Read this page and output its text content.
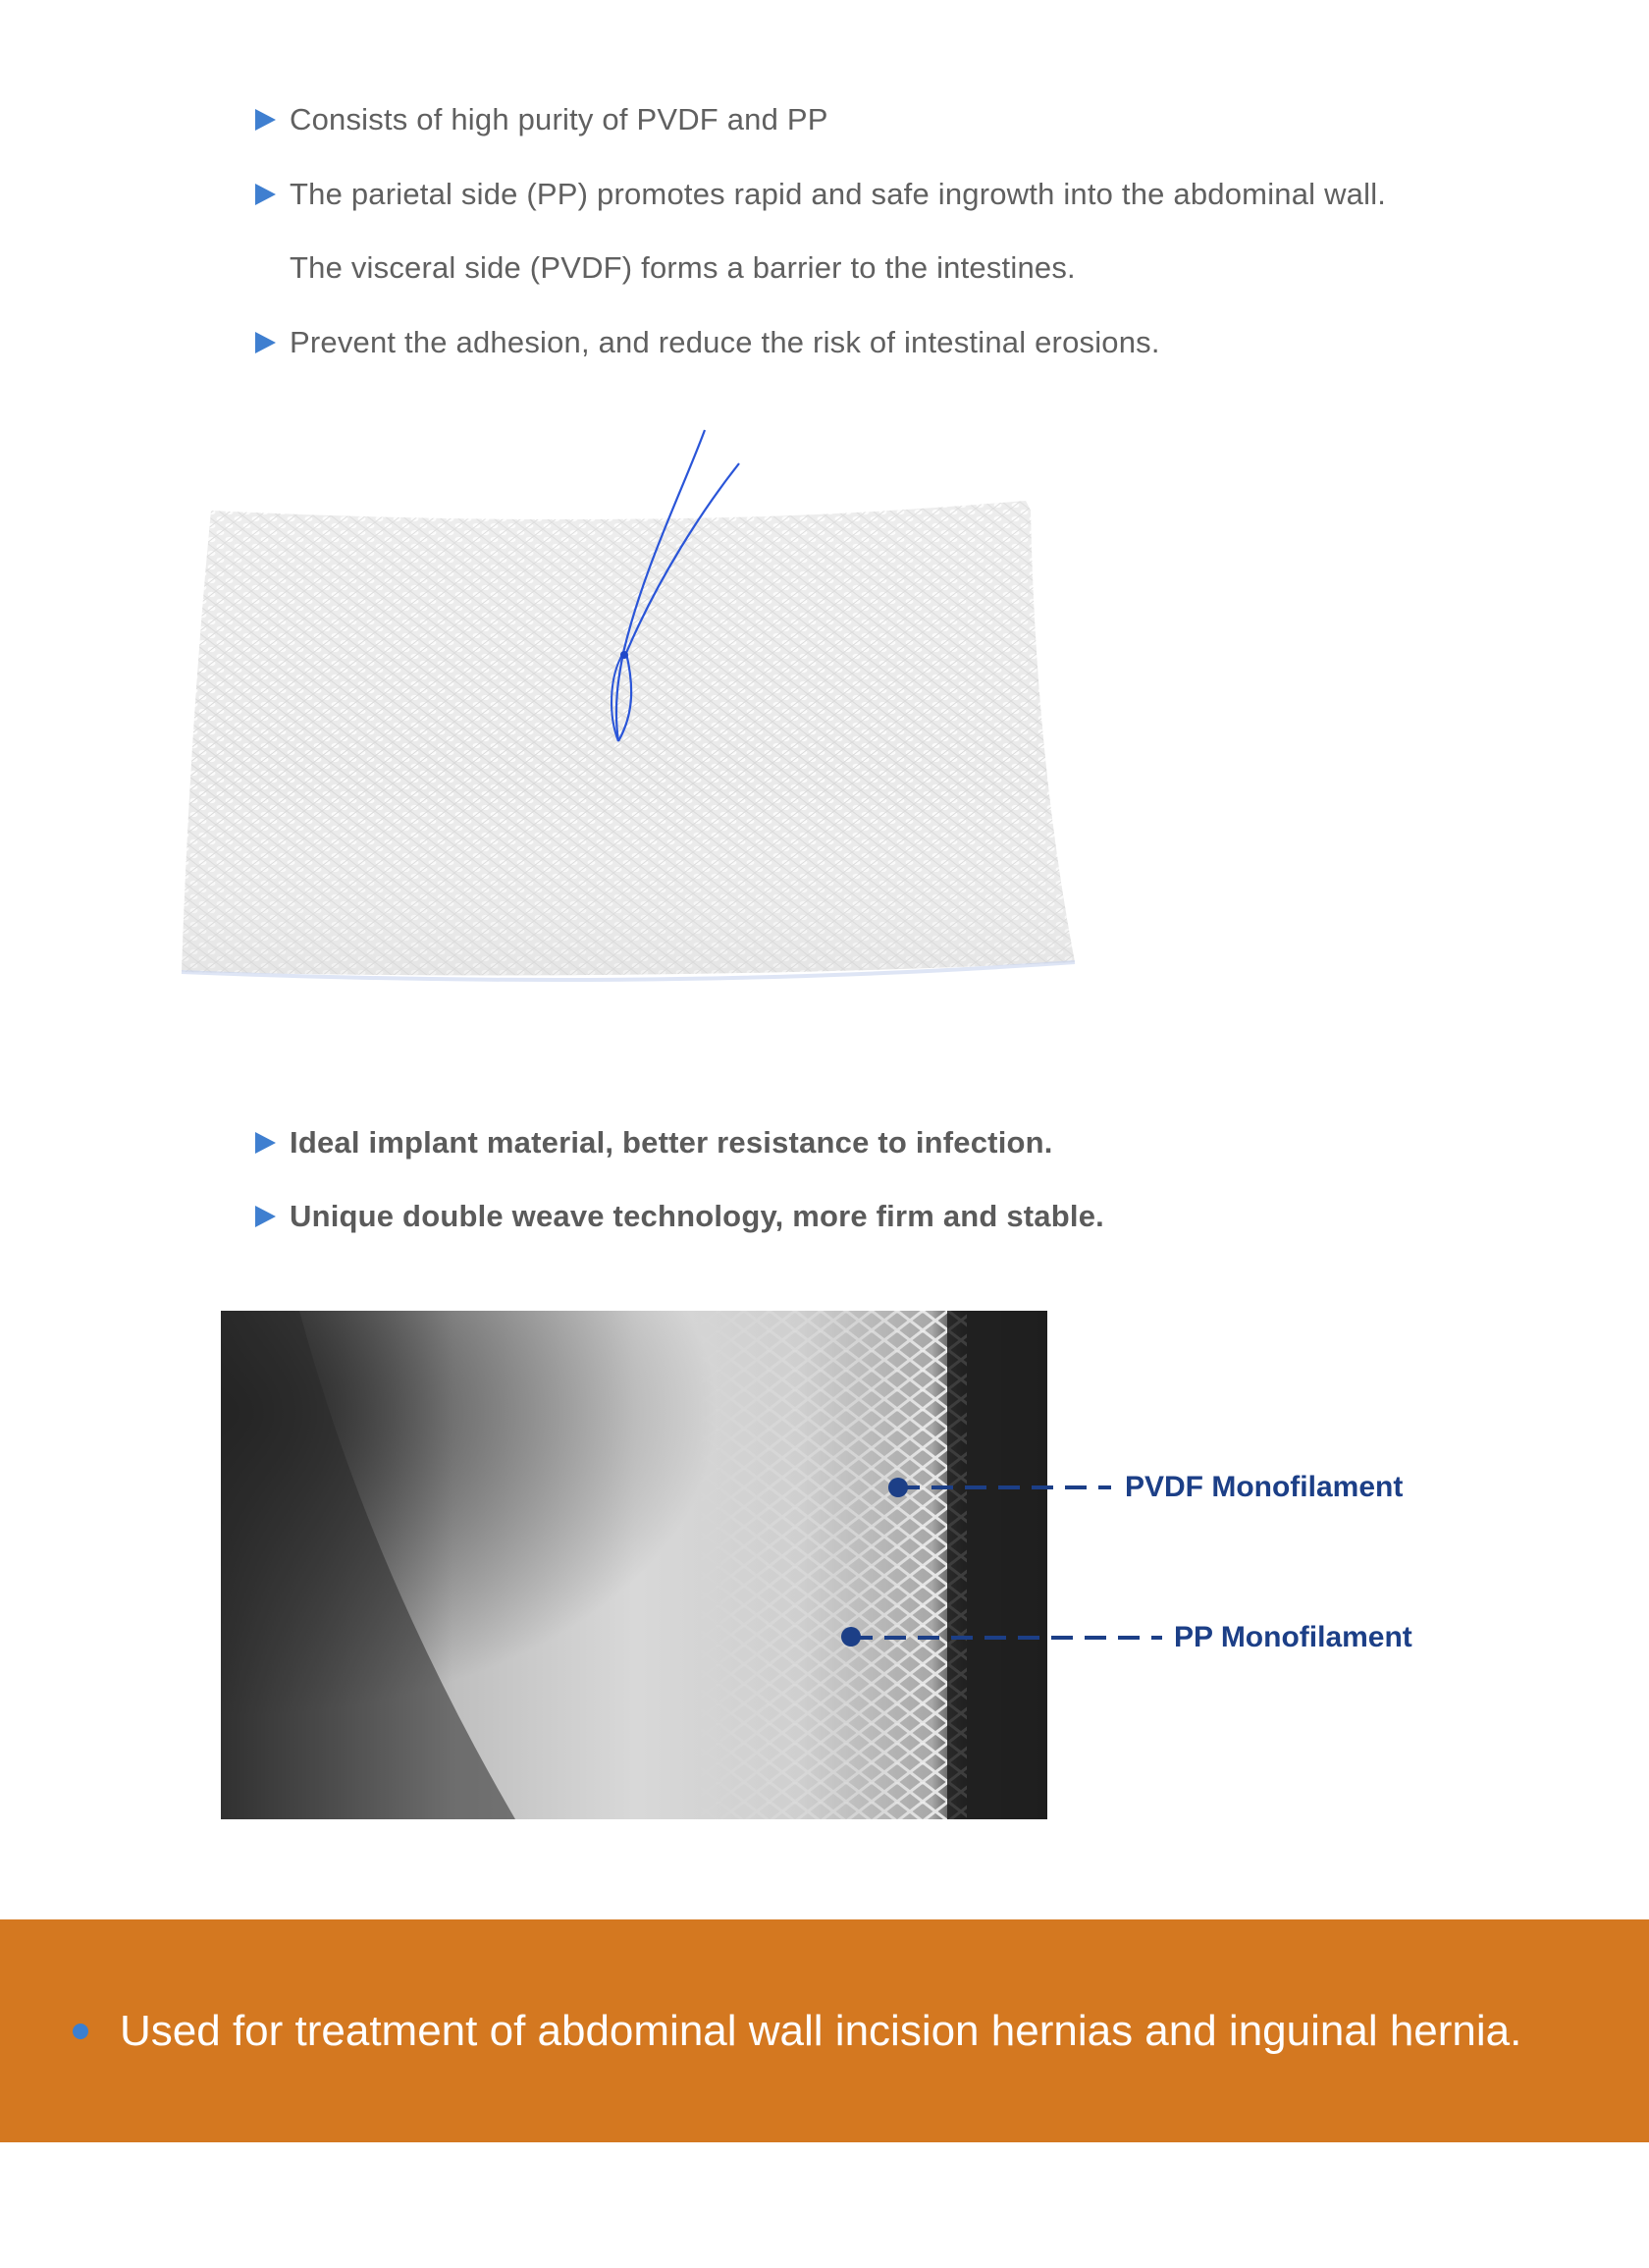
Consists of high purity of PVDF and PP
The parietal side (PP) promotes rapid and safe ingrowth into the abdominal wall.
The visceral side (PVDF) forms a barrier to the intestines.
Prevent the adhesion, and reduce the risk of intestinal erosions.
Ideal implant material, better resistance to infection.
Unique double weave technology, more firm and stable.
PVDF Monofilament
PP Monofilament
Used for treatment of abdominal wall incision hernias and inguinal hernia.
